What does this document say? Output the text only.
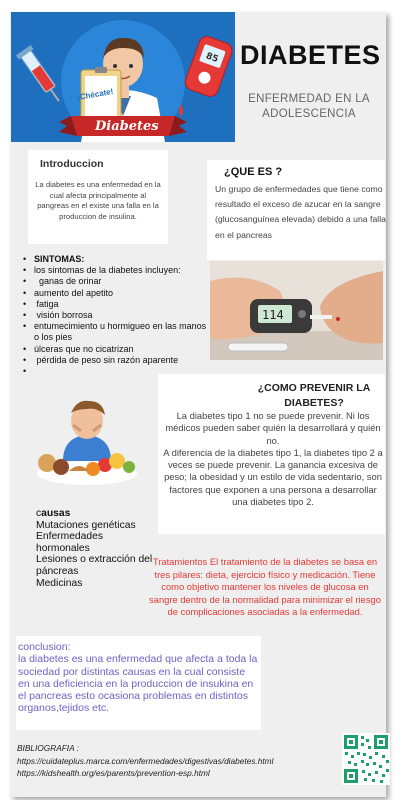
85
¡Chécate!
Diabetes
DIABETES
ENFERMEDAD EN LA ADOLESCENCIA
Introduccion
La diabetes es una enfermedad en la cual afecta principalmente al pangreas en el existe una falla en la produccion de insulina.
¿QUE ES ?
Un grupo de enfermedades que tiene como resultado el exceso de azucar en la sangre (glucosanguínea elevada) debido a una falla en el pancreas
• SINTOMAS:
• los sintomas de la diabetes incluyen:
•   ganas de orinar
• aumento del apetito
•  fatiga
•  visión borrosa
• entumecimiento u hormigueo en las manos o los pies
• úlceras que no cicatrizan
•  pérdida de peso sin razón aparente
•
114
¿COMO PREVENIR LA DIABETES?

La diabetes tipo 1 no se puede prevenir. Ni los médicos pueden saber quién la desarrollará y quién no.

A diferencia de la diabetes tipo 1, la diabetes tipo 2 a veces se puede prevenir. La ganancia excesiva de peso; la obesidad y un estilo de vida sedentario, son factores que exponen a una persona a desarrollar una diabetes tipo 2.

causas

Mutaciones genéticas

Enfermedades hormonales

Lesiones o extracción del páncreas

Medicinas

Tratamientos El tratamiento de la diabetes se basa en tres pilares: dieta, ejercicio físico y medicación. Tiene como objetivo mantener los niveles de glucosa en sangre dentro de la normalidad para minimizar el riesgo de complicaciones asociadas a la enfermedad.

conclusion:

la diabetes es una enfermedad que afecta a toda la sociedad por distintas causas en la cual consiste en una deficiencia en la produccion de insukina en el pancreas esto ocasiona problemas en distintos organos,tejidos etc.

BIBLIOGRAFIA :

https://cuidateplus.marca.com/enfermedades/digestivas/diabetes.html

https://kidshealth.org/es/parents/prevention-esp.html
